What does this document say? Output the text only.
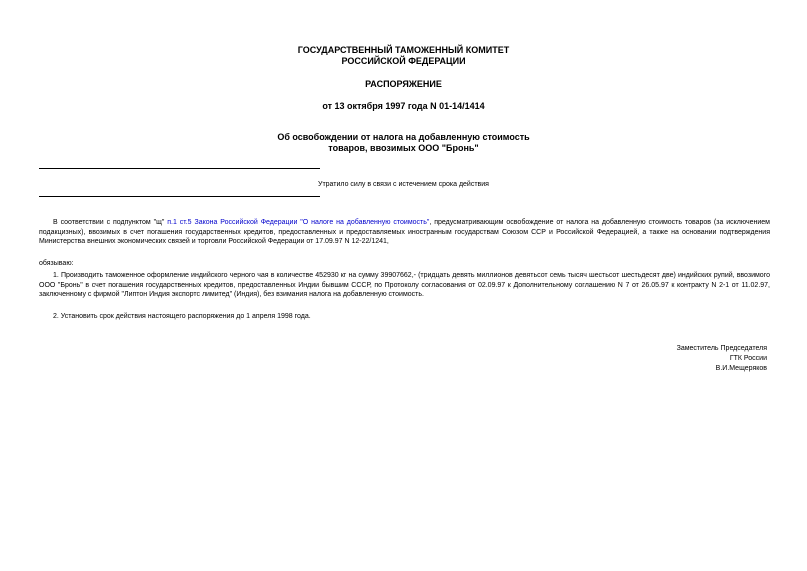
ГОСУДАРСТВЕННЫЙ ТАМОЖЕННЫЙ КОМИТЕТ
РОССИЙСКОЙ ФЕДЕРАЦИИ
РАСПОРЯЖЕНИЕ
от 13 октября 1997 года N 01-14/1414
Об освобождении от налога на добавленную стоимость
товаров, ввозимых ООО "Бронь"
Утратило силу в связи с истечением срока действия
В соответствии с подпунктом "щ" п.1 ст.5 Закона Российской Федерации "О налоге на добавленную стоимость", предусматривающим освобождение от налога на добавленную стоимость товаров (за исключением подакцизных), ввозимых в счет погашения государственных кредитов, предоставленных и предоставляемых иностранным государствам Союзом ССР и Российской Федерацией, а также на основании подтверждения Министерства внешних экономических связей и торговли Российской Федерации от 17.09.97 N 12-22/1241,
обязываю:
1. Производить таможенное оформление индийского черного чая в количестве 452930 кг на сумму 39907662,- (тридцать девять миллионов девятьсот семь тысяч шестьсот шестьдесят две) индийских рупий, ввозимого ООО "Бронь" в счет погашения государственных кредитов, предоставленных Индии бывшим СССР, по Протоколу согласования от 02.09.97 к Дополнительному соглашению N 7 от 26.05.97 к контракту N 2-1 от 11.02.97, заключенному с фирмой "Липтон Индия экспортс лимитед" (Индия), без взимания налога на добавленную стоимость.
2. Установить срок действия настоящего распоряжения до 1 апреля 1998 года.
Заместитель Председателя
ГТК России
В.И.Мещеряков
